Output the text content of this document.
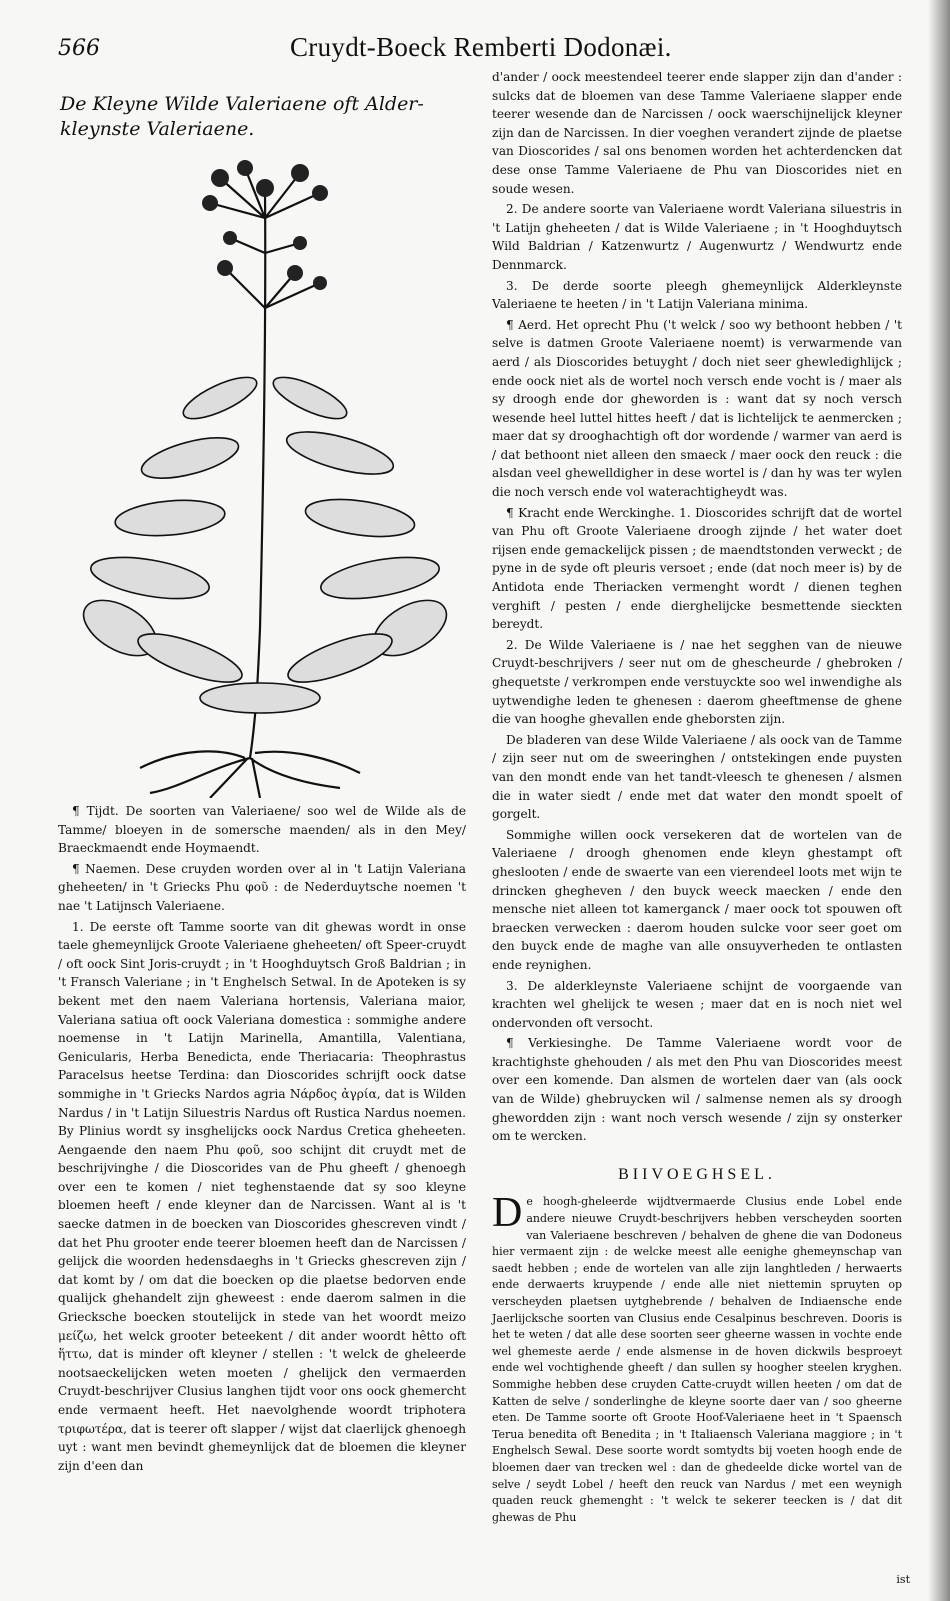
566	Cruydt-Boeck Remberti Dodonæi.
De Kleyne Wilde Valeriaene oft Alder-kleynste Valeriaene.

¶ Tijdt. De soorten van Valeriaene/ soo wel de Wilde als de Tamme/ bloeyen in de somersche maenden/ als in den Mey/ Braeckmaendt ende Hoymaendt.

¶ Naemen. Dese cruyden worden over al in 't Latijn Valeriana gheheeten/ in 't Griecks Phu φοῦ : de Nederduytsche noemen 't nae 't Latijnsch Valeriaene.

1. De eerste oft Tamme soorte van dit ghewas wordt in onse taele ghemeynlijck Groote Valeriaene gheheeten/ oft Speer-cruydt / oft oock Sint Joris-cruydt ; in 't Hooghduytsch Groß Baldrian ; in 't Fransch Valeriane ; in 't Enghelsch Setwal. In de Apoteken is sy bekent met den naem Valeriana hortensis, Valeriana maior, Valeriana satiua oft oock Valeriana domestica : sommighe andere noemense in 't Latijn Marinella, Amantilla, Valentiana, Genicularis, Herba Benedicta, ende Theriacaria: Theophrastus Paracelsus heetse Terdina: dan Dioscorides schrijft oock datse sommighe in 't Griecks Nardos agria Νάρδος ἀγρία, dat is Wilden Nardus / in 't Latijn Siluestris Nardus oft Rustica Nardus noemen. By Plinius wordt sy insghelijcks oock Nardus Cretica gheheeten. Aengaende den naem Phu φοῦ, soo schijnt dit cruydt met de beschrijvinghe / die Dioscorides van de Phu gheeft / ghenoegh over een te komen / niet teghenstaende dat sy soo kleyne bloemen heeft / ende kleyner dan de Narcissen. Want al is 't saecke datmen in de boecken van Dioscorides ghescreven vindt / dat het Phu grooter ende teerer bloemen heeft dan de Narcissen / gelijck die woorden hedensdaeghs in 't Griecks ghescreven zijn / dat komt by / om dat die boecken op die plaetse bedorven ende qualijck ghehandelt zijn gheweest : ende daerom salmen in die Griecksche boecken stoutelijck in stede van het woordt meizo μείζω, het welck grooter beteekent / dit ander woordt hêtto oft ἥττω, dat is minder oft kleyner / stellen : 't welck de gheleerde nootsaeckelijcken weten moeten / ghelijck den vermaerden Cruydt-beschrijver Clusius langhen tijdt voor ons oock ghemercht ende vermaent heeft. Het naevolghende woordt triphotera τριφωτέρα, dat is teerer oft slapper / wijst dat claerlijck ghenoegh uyt : want men bevindt ghemeynlijck dat de bloemen die kleyner zijn d'een dan

d'ander / oock meestendeel teerer ende slapper zijn dan d'ander : sulcks dat de bloemen van dese Tamme Valeriaene slapper ende teerer wesende dan de Narcissen / oock waerschijnelijck kleyner zijn dan de Narcissen. In dier voeghen verandert zijnde de plaetse van Dioscorides / sal ons benomen worden het achterdencken dat dese onse Tamme Valeriaene de Phu van Dioscorides niet en soude wesen.

2. De andere soorte van Valeriaene wordt Valeriana siluestris in 't Latijn gheheeten / dat is Wilde Valeriaene ; in 't Hooghduytsch Wild Baldrian / Katzenwurtz / Augenwurtz / Wendwurtz ende Dennmarck.

3. De derde soorte pleegh ghemeynlijck Alderkleynste Valeriaene te heeten / in 't Latijn Valeriana minima.

¶ Aerd. Het oprecht Phu ('t welck / soo wy bethoont hebben / 't selve is datmen Groote Valeriaene noemt) is verwarmende van aerd / als Dioscorides betuyght / doch niet seer ghewledighlijck ; ende oock niet als de wortel noch versch ende vocht is / maer als sy droogh ende dor gheworden is : want dat sy noch versch wesende heel luttel hittes heeft / dat is lichtelijck te aenmercken ; maer dat sy drooghachtigh oft dor wordende / warmer van aerd is / dat bethoont niet alleen den smaeck / maer oock den reuck : die alsdan veel ghewelldigher in dese wortel is / dan hy was ter wylen die noch versch ende vol waterachtigheydt was.

¶ Kracht ende Werckinghe. 1. Dioscorides schrijft dat de wortel van Phu oft Groote Valeriaene droogh zijnde / het water doet rijsen ende gemackelijck pissen ; de maendtstonden verweckt ; de pyne in de syde oft pleuris versoet ; ende (dat noch meer is) by de Antidota ende Theriacken vermenght wordt / dienen teghen verghift / pesten / ende dierghelijcke besmettende sieckten bereydt.

2. De Wilde Valeriaene is / nae het segghen van de nieuwe Cruydt-beschrijvers / seer nut om de ghescheurde / ghebroken / ghequetste / verkrompen ende verstuyckte soo wel inwendighe als uytwendighe leden te ghenesen : daerom gheeftmense de ghene die van hooghe ghevallen ende gheborsten zijn.

De bladeren van dese Wilde Valeriaene / als oock van de Tamme / zijn seer nut om de sweeringhen / ontstekingen ende puysten van den mondt ende van het tandt-vleesch te ghenesen / alsmen die in water siedt / ende met dat water den mondt spoelt of gorgelt.

Sommighe willen oock versekeren dat de wortelen van de Valeriaene / droogh ghenomen ende kleyn ghestampt oft gheslooten / ende de swaerte van een vierendeel loots met wijn te drincken ghegheven / den buyck weeck maecken / ende den mensche niet alleen tot kamerganck / maer oock tot spouwen oft braecken verwecken : daerom houden sulcke voor seer goet om den buyck ende de maghe van alle onsuyverheden te ontlasten ende reynighen.

3. De alderkleynste Valeriaene schijnt de voorgaende van krachten wel ghelijck te wesen ; maer dat en is noch niet wel ondervonden oft versocht.

¶ Verkiesinghe. De Tamme Valeriaene wordt voor de krachtighste ghehouden / als met den Phu van Dioscorides meest over een komende. Dan alsmen de wortelen daer van (als oock van de Wilde) ghebruycken wil / salmense nemen als sy droogh ghewordden zijn : want noch versch wesende / zijn sy onsterker om te wercken.

BIIVOEGHSEL.

De hoogh-gheleerde wijdtvermaerde Clusius ende Lobel ende andere nieuwe Cruydt-beschrijvers hebben verscheyden soorten van Valeriaene beschreven / behalven de ghene die van Dodoneus hier vermaent zijn : de welcke meest alle eenighe ghemeynschap van saedt hebben ; ende de wortelen van alle zijn langhtleden / herwaerts ende derwaerts kruypende / ende alle niet niettemin spruyten op verscheyden plaetsen uytghebrende / behalven de Indiaensche ende Jaerlijcksche soorten van Clusius ende Cesalpinus beschreven. Dooris is het te weten / dat alle dese soorten seer gheerne wassen in vochte ende wel ghemeste aerde / ende alsmense in de hoven dickwils besproeyt ende wel vochtighende gheeft / dan sullen sy hoogher steelen kryghen. Sommighe hebben dese cruyden Catte-cruydt willen heeten / om dat de Katten de selve / sonderlinghe de kleyne soorte daer van / soo gheerne eten. De Tamme soorte oft Groote Hoof-Valeriaene heet in 't Spaensch Terua benedita oft Benedita ; in 't Italiaensch Valeriana maggiore ; in 't Enghelsch Sewal. Dese soorte wordt somtydts bij voeten hoogh ende de bloemen daer van trecken wel : dan de ghedeelde dicke wortel van de selve / seydt Lobel / heeft den reuck van Nardus / met een weynigh quaden reuck ghemenght : 't welck te sekerer teecken is / dat dit ghewas de Phu

ist
